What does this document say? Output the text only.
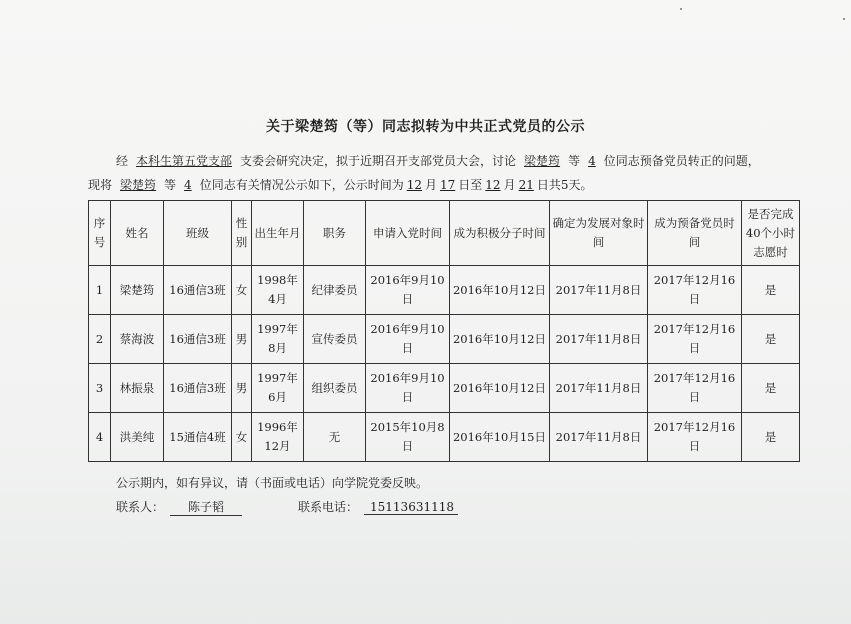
关于梁楚筠（等）同志拟转为中共正式党员的公示
经 本科生第五党支部 支委会研究决定，拟于近期召开支部党员大会，讨论 梁楚筠 等 4 位同志预备党员转正的问题，
现将 梁楚筠 等 4 位同志有关情况公示如下，公示时间为 12 月 17 日至 12 月 21 日共5天。
序号	姓名	班级	性别	出生年月	职务	申请入党时间	成为积极分子时间	确定为发展对象时间	成为预备党员时间	是否完成40个小时志愿时
1	梁楚筠	16通信3班	女	1998年4月	纪律委员	2016年9月10日	2016年10月12日	2017年11月8日	2017年12月16日	是
2	蔡海波	16通信3班	男	1997年8月	宣传委员	2016年9月10日	2016年10月12日	2017年11月8日	2017年12月16日	是
3	林振泉	16通信3班	男	1997年6月	组织委员	2016年9月10日	2016年10月12日	2017年11月8日	2017年12月16日	是
4	洪美纯	15通信4班	女	1996年12月	无	2015年10月8日	2016年10月15日	2017年11月8日	2017年12月16日	是
公示期内，如有异议，请（书面或电话）向学院党委反映。
联系人： 陈子韬	联系电话： 15113631118
